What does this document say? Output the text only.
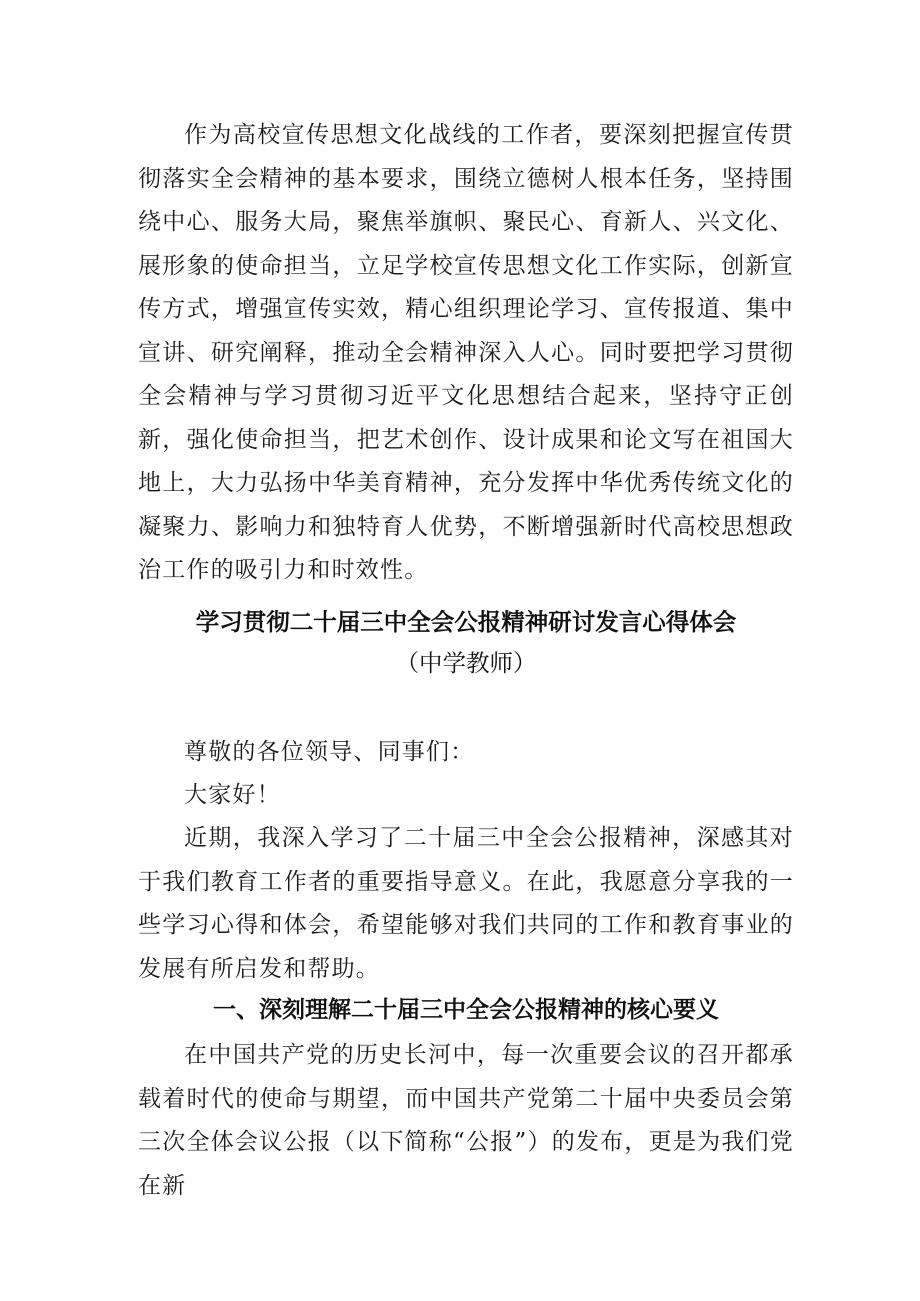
作为高校宣传思想文化战线的工作者，要深刻把握宣传贯彻落实全会精神的基本要求，围绕立德树人根本任务，坚持围绕中心、服务大局，聚焦举旗帜、聚民心、育新人、兴文化、展形象的使命担当，立足学校宣传思想文化工作实际，创新宣传方式，增强宣传实效，精心组织理论学习、宣传报道、集中宣讲、研究阐释，推动全会精神深入人心。同时要把学习贯彻全会精神与学习贯彻习近平文化思想结合起来，坚持守正创新，强化使命担当，把艺术创作、设计成果和论文写在祖国大地上，大力弘扬中华美育精神，充分发挥中华优秀传统文化的凝聚力、影响力和独特育人优势，不断增强新时代高校思想政治工作的吸引力和时效性。

学习贯彻二十届三中全会公报精神研讨发言心得体会
（中学教师）

尊敬的各位领导、同事们：

大家好！

近期，我深入学习了二十届三中全会公报精神，深感其对于我们教育工作者的重要指导意义。在此，我愿意分享我的一些学习心得和体会，希望能够对我们共同的工作和教育事业的发展有所启发和帮助。

一、深刻理解二十届三中全会公报精神的核心要义

在中国共产党的历史长河中，每一次重要会议的召开都承载着时代的使命与期望，而中国共产党第二十届中央委员会第三次全体会议公报（以下简称“公报”）的发布，更是为我们党在新
